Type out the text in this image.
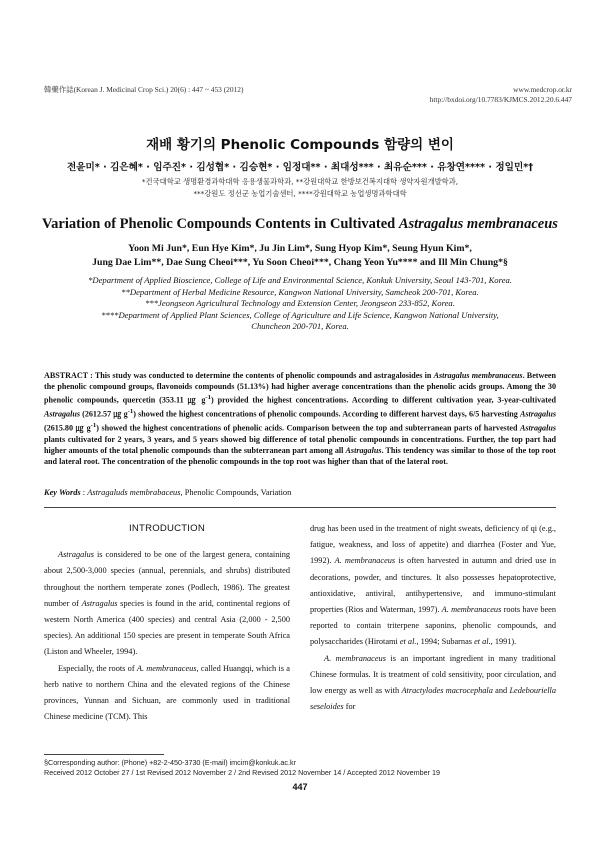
韓藥作誌(Korean J. Medicinal Crop Sci.) 20(6) : 447 ~ 453 (2012)	www.medcrop.or.kr
http://bxdoi.org/10.7783/KJMCS.2012.20.6.447
재배 황기의 Phenolic Compounds 함량의 변이
전윤미* · 김은혜* · 임주진* · 김성협* · 김승현* · 임정대** · 최대성*** · 최유순*** · 유창연**** · 정일민*†
*건국대학교 생명환경과학대학 응용생물과학과, **강원대학교 한방보건복지대학 생약자원개발학과,
***강원도 정선군 농업기술센터, ****강원대학교 농업생명과학대학
Variation of Phenolic Compounds Contents in Cultivated Astragalus membranaceus
Yoon Mi Jun*, Eun Hye Kim*, Ju Jin Lim*, Sung Hyop Kim*, Seung Hyun Kim*,
Jung Dae Lim**, Dae Sung Cheoi***, Yu Soon Cheoi***, Chang Yeon Yu**** and Ill Min Chung*§
*Department of Applied Bioscience, College of Life and Environmental Science, Konkuk University, Seoul 143-701, Korea.
**Department of Herbal Medicine Resource, Kangwon National University, Samcheok 200-701, Korea.
***Jeongseon Agricultural Technology and Extension Center, Jeongseon 233-852, Korea.
****Department of Applied Plant Sciences, College of Agriculture and Life Science, Kangwon National University,
Chuncheon 200-701, Korea.
ABSTRACT : This study was conducted to determine the contents of phenolic compounds and astragalosides in Astragalus membranaceus. Between the phenolic compound groups, flavonoids compounds (51.13%) had higher average concentrations than the phenolic acids groups. Among the 30 phenolic compounds, quercetin (353.11 ㎍ $g^{-1}$) provided the highest concentrations. According to different cultivation year, 3-year-cultivated Astragalus (2612.57 ㎍ $g^{-1}$) showed the highest concentrations of phenolic compounds. According to different harvest days, 6/5 harvesting Astragalus (2615.80 ㎍ $g^{-1}$) showed the highest concentrations of phenolic acids. Comparison between the top and subterranean parts of harvested Astragalus plants cultivated for 2 years, 3 years, and 5 years showed big difference of total phenolic compounds in concentrations. Further, the top part had higher amounts of the total phenolic compounds than the subterranean part among all Astragalus. This tendency was similar to those of the top root and lateral root. The concentration of the phenolic compounds in the top root was higher than that of the lateral root.
Key Words : Astragaluds membrabaceus, Phenolic Compounds, Variation
INTRODUCTION

Astragalus is considered to be one of the largest genera, containing about 2,500-3,000 species (annual, perennials, and shrubs) distributed throughout the northern temperate zones (Podlech, 1986). The greatest number of Astragalus species is found in the arid, continental regions of western North America (400 species) and central Asia (2,000 - 2,500 species). An additional 150 species are present in temperate South Africa (Liston and Wheeler, 1994).

Especially, the roots of A. membranaceus, called Huangqi, which is a herb native to northern China and the elevated regions of the Chinese provinces, Yunnan and Sichuan, are commonly used in traditional Chinese medicine (TCM). This

drug has been used in the treatment of night sweats, deficiency of qi (e.g., fatigue, weakness, and loss of appetite) and diarrhea (Foster and Yue, 1992). A. membranaceus is often harvested in autumn and dried use in decorations, powder, and tinctures. It also possesses hepatoprotective, antioxidative, antiviral, antihypertensive, and immuno-stimulant properties (Rios and Waterman, 1997). A. membranaceus roots have been reported to contain triterpene saponins, phenolic compounds, and polysaccharides (Hirotami et al., 1994; Subarnas et al., 1991).

A. membranaceus is an important ingredient in many traditional Chinese formulas. It is treatment of cold sensitivity, poor circulation, and low energy as well as with Atractylodes macrocephala and Ledebouriella seseloides for

§Corresponding author: (Phone) +82-2-450-3730 (E-mail) imcim@konkuk.ac.kr
Received 2012 October 27 / 1st Revised 2012 November 2 / 2nd Revised 2012 November 14 / Accepted 2012 November 19
447
